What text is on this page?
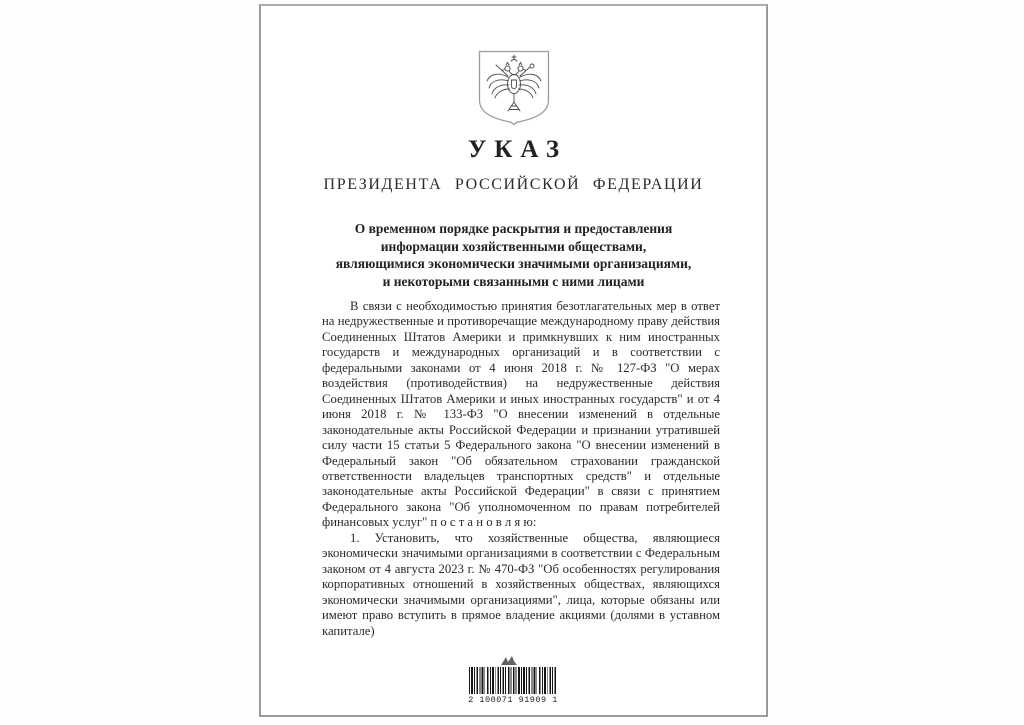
УКАЗ
ПРЕЗИДЕНТА РОССИЙСКОЙ ФЕДЕРАЦИИ
О временном порядке раскрытия и предоставления
информации хозяйственными обществами,
являющимися экономически значимыми организациями,
и некоторыми связанными с ними лицами

В связи с необходимостью принятия безотлагательных мер в ответ на недружественные и противоречащие международному праву действия Соединенных Штатов Америки и примкнувших к ним иностранных государств и международных организаций и в соответствии с федеральными законами от 4 июня 2018 г. № 127-ФЗ "О мерах воздействия (противодействия) на недружественные действия Соединенных Штатов Америки и иных иностранных государств" и от 4 июня 2018 г. № 133-ФЗ "О внесении изменений в отдельные законодательные акты Российской Федерации и признании утратившей силу части 15 статьи 5 Федерального закона "О внесении изменений в Федеральный закон "Об обязательном страховании гражданской ответственности владельцев транспортных средств" и отдельные законодательные акты Российской Федерации" в связи с принятием Федерального закона "Об уполномоченном по правам потребителей финансовых услуг" п о с т а н о в л я ю:

1. Установить, что хозяйственные общества, являющиеся экономически значимыми организациями в соответствии с Федеральным законом от 4 августа 2023 г. № 470-ФЗ "Об особенностях регулирования корпоративных отношений в хозяйственных обществах, являющихся экономически значимыми организациями", лица, которые обязаны или имеют право вступить в прямое владение акциями (долями в уставном капитале)

2 100071 91909 1
